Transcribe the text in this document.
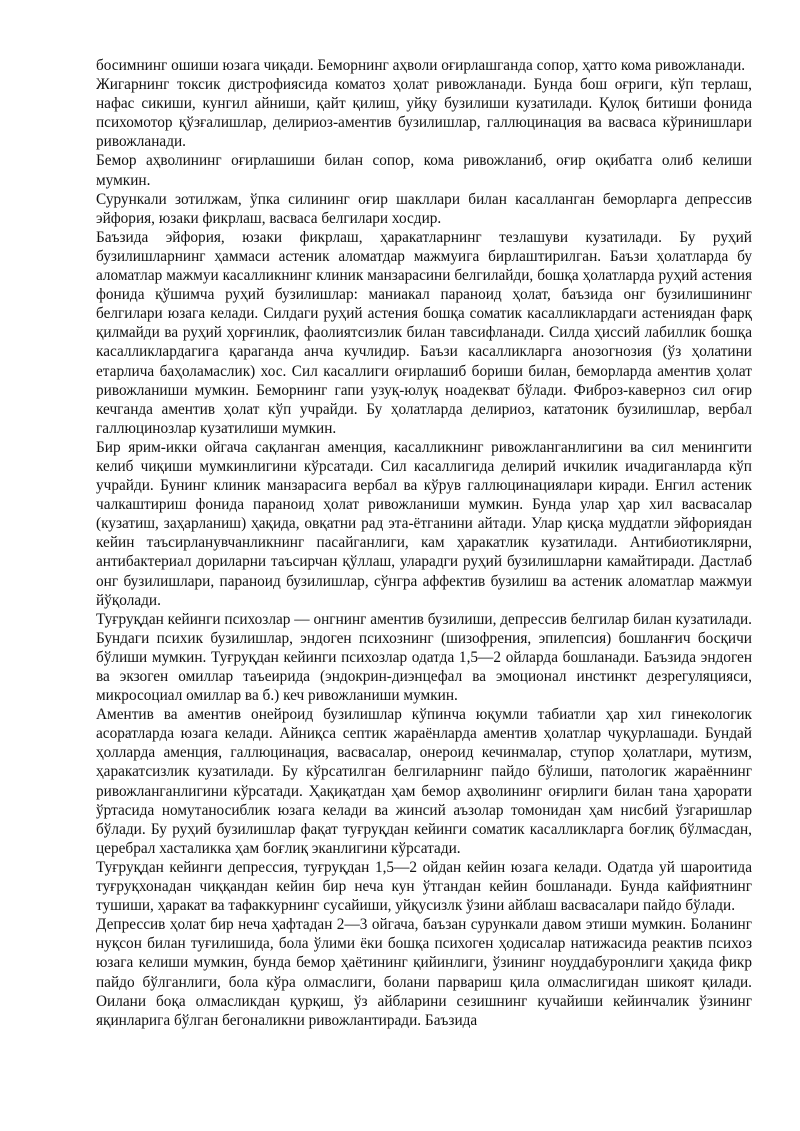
босимнинг ошиши юзага чиқади. Беморнинг аҳволи оғирлашганда сопор, ҳатто кома ривожланади.

Жигарнинг токсик дистрофиясида коматоз ҳолат ривожланади. Бунда бош оғриги, кўп терлаш, нафас сикиши, кунгил айниши, қайт қилиш, уйқу бузилиши кузатилади. Қулоқ битиши фонида психомотор қўзғалишлар, делириоз-аментив бузилишлар, галлюцинация ва васваса кўринишлари ривожланади.

Бемор аҳволининг оғирлашиши билан сопор, кома ривожланиб, оғир оқибатга олиб келиши мумкин.

Сурункали зотилжам, ўпка силининг оғир шакллари билан касалланган беморларга депрессив эйфория, юзаки фикрлаш, васваса белгилари хосдир.

Баъзида эйфория, юзаки фикрлаш, ҳаракатларнинг тезлашуви кузатилади. Бу руҳий бузилишларнинг ҳаммаси астеник аломатдар мажмуига бирлаштирилган. Баъзи ҳолатларда бу аломатлар мажмуи касалликнинг клиник манзарасини белгилайди, бошқа ҳолатларда руҳий астения фонида қўшимча руҳий бузилишлар: маниакал параноид ҳолат, баъзида онг бузилишининг белгилари юзага келади. Силдаги руҳий астения бошқа соматик касалликлардаги астениядан фарқ қилмайди ва руҳий ҳорғинлик, фаолиятсизлик билан тавсифланади. Силда ҳиссий лабиллик бошқа касалликлардагига қараганда анча кучлидир. Баъзи касалликларга анозогнозия (ўз ҳолатини етарлича баҳоламаслик) хос. Сил касаллиги оғирлашиб бориши билан, беморларда аментив ҳолат ривожланиши мумкин. Беморнинг гапи узуқ-юлуқ ноадекват бўлади. Фиброз-каверноз сил оғир кечганда аментив ҳолат кўп учрайди. Бу ҳолатларда делириоз, кататоник бузилишлар, вербал галлюцинозлар кузатилиши мумкин.

Бир ярим-икки ойгача сақланган аменция, касалликнинг ривожланганлигини ва сил менингити келиб чиқиши мумкинлигини кўрсатади. Сил касаллигида делирий ичкилик ичадиганларда кўп учрайди. Бунинг клиник манзарасига вербал ва кўрув галлюцинациялари киради. Енгил астеник чалкаштириш фонида параноид ҳолат ривожланиши мумкин. Бунда улар ҳар хил васвасалар (кузатиш, заҳарланиш) ҳақида, овқатни рад эта-ётганини айтади. Улар қисқа муддатли эйфориядан кейин таъсирланувчанликнинг пасайганлиги, кам ҳаракатлик кузатилади. Антибиотиклярни, антибактериал дориларни таъсирчан қўллаш, уларадги руҳий бузилишларни камайтиради. Дастлаб онг бузилишлари, параноид бузилишлар, сўнгра аффектив бузилиш ва астеник аломатлар мажмуи йўқолади.

Туғруқдан кейинги психозлар — онгнинг аментив бузилиши, депрессив белгилар билан кузатилади. Бундаги психик бузилишлар, эндоген психознинг (шизофрения, эпилепсия) бошланғич босқичи бўлиши мумкин. Туғруқдан кейинги психозлар одатда 1,5—2 ойларда бошланади. Баъзида эндоген ва экзоген омиллар таъеирида (эндокрин-диэнцефал ва эмоционал инстинкт дезрегуляцияси, микросоциал омиллар ва б.) кеч ривожланиши мумкин.

Аментив ва аментив онейроид бузилишлар кўпинча юқумли табиатли ҳар хил гинекологик асоратларда юзага келади. Айниқса септик жараёнларда аментив ҳолатлар чуқурлашади. Бундай ҳолларда аменция, галлюцинация, васвасалар, онероид кечинмалар, ступор ҳолатлари, мутизм, ҳаракатсизлик кузатилади. Бу кўрсатилган белгиларнинг пайдо бўлиши, патологик жараённинг ривожланганлигини кўрсатади. Ҳақиқатдан ҳам бемор аҳволининг оғирлиги билан тана ҳарорати ўртасида номутаносиблик юзага келади ва жинсий аъзолар томонидан ҳам нисбий ўзгаришлар бўлади. Бу руҳий бузилишлар фақат туғруқдан кейинги соматик касалликларга боғлиқ бўлмасдан, церебрал хасталикка ҳам боғлиқ эканлигини кўрсатади.

Туғруқдан кейинги депрессия, туғруқдан 1,5—2 ойдан кейин юзага келади. Одатда уй шароитида туғруқхонадан чиққандан кейин бир неча кун ўтгандан кейин бошланади. Бунда кайфиятнинг тушиши, ҳаракат ва тафаккурнинг сусайиши, уйқусизлк ўзини айблаш васвасалари пайдо бўлади.

Депрессив ҳолат бир неча ҳафтадан 2—3 ойгача, баъзан сурункали давом этиши мумкин. Боланинг нуқсон билан туғилишида, бола ўлими ёки бошқа психоген ҳодисалар натижасида реактив психоз юзага келиши мумкин, бунда бемор ҳаётининг қийинлиги, ўзининг ноуддабуронлиги ҳақида фикр пайдо бўлганлиги, бола кўра олмаслиги, болани парвариш қила олмаслигидан шикоят қилади. Оилани боқа олмасликдан қурқиш, ўз айбларини сезишнинг кучайиши кейинчалик ўзининг яқинларига бўлган бегоналикни ривожлантиради. Баъзида
